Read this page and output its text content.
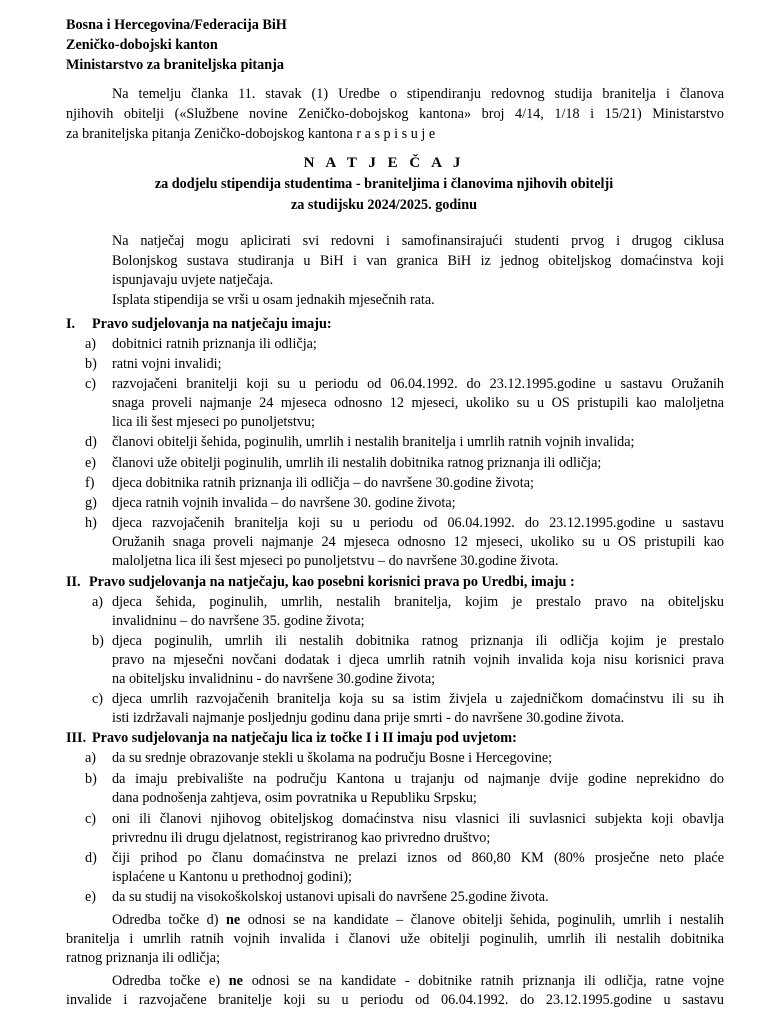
Bosna i Hercegovina/Federacija BiH
Zeničko-dobojski kanton
Ministarstvo za braniteljska pitanja
Na temelju članka 11. stavak (1) Uredbe o stipendiranju redovnog studija branitelja i članova
njihovih obitelji («Službene novine Zeničko-dobojskog kantona» broj 4/14, 1/18 i 15/21) Ministarstvo
za braniteljska pitanja Zeničko-dobojskog kantona r a s p i s u j e
N A T J E Č A J
za dodjelu stipendija studentima - braniteljima i članovima njihovih obitelji
za studijsku 2024/2025. godinu
Na natječaj mogu aplicirati svi redovni i samofinansirajući studenti prvog i drugog ciklusa
Bolonjskog sustava studiranja u BiH i van granica BiH iz jednog obiteljskog domaćinstva koji
ispunjavaju uvjete natječaja.
Isplata stipendija se vrši u osam jednakih mjesečnih rata.
I. Pravo sudjelovanja na natječaju imaju:
a) dobitnici ratnih priznanja ili odličja;
b) ratni vojni invalidi;
c) razvojačeni branitelji koji su u periodu od 06.04.1992. do 23.12.1995.godine u sastavu Oružanih
snaga proveli najmanje 24 mjeseca odnosno 12 mjeseci, ukoliko su u OS pristupili kao maloljetna
lica ili šest mjeseci po punoljetstvu;
d) članovi obitelji šehida, poginulih, umrlih i nestalih branitelja i umrlih ratnih vojnih invalida;
e) članovi uže obitelji poginulih, umrlih ili nestalih dobitnika ratnog priznanja ili odličja;
f) djeca dobitnika ratnih priznanja ili odličja – do navršene 30.godine života;
g) djeca ratnih vojnih invalida – do navršene 30. godine života;
h) djeca razvojačenih branitelja koji su u periodu od 06.04.1992. do 23.12.1995.godine u sastavu
Oružanih snaga proveli najmanje 24 mjeseca odnosno 12 mjeseci, ukoliko su u OS pristupili kao
maloljetna lica ili šest mjeseci po punoljetstvu – do navršene 30.godine života.
II. Pravo sudjelovanja na natječaju, kao posebni korisnici prava po Uredbi, imaju :
a) djeca šehida, poginulih, umrlih, nestalih branitelja, kojim je prestalo pravo na obiteljsku
invalidninu – do navršene 35. godine života;
b) djeca poginulih, umrlih ili nestalih dobitnika ratnog priznanja ili odličja kojim je prestalo
pravo na mjesečni novčani dodatak i djeca umrlih ratnih vojnih invalida koja nisu korisnici prava
na obiteljsku invalidninu - do navršene 30.godine života;
c) djeca umrlih razvojačenih branitelja koja su sa istim živjela u zajedničkom domaćinstvu ili su ih
isti izdržavali najmanje posljednju godinu dana prije smrti - do navršene 30.godine života.
III. Pravo sudjelovanja na natječaju lica iz točke I i II imaju pod uvjetom:
a) da su srednje obrazovanje stekli u školama na području Bosne i Hercegovine;
b) da imaju prebivalište na području Kantona u trajanju od najmanje dvije godine neprekidno do
dana podnošenja zahtjeva, osim povratnika u Republiku Srpsku;
c) oni ili članovi njihovog obiteljskog domaćinstva nisu vlasnici ili suvlasnici subjekta koji obavlja
privrednu ili drugu djelatnost, registriranog kao privredno društvo;
d) čiji prihod po članu domaćinstva ne prelazi iznos od 860,80 KM (80% prosječne neto plaće
isplaćene u Kantonu u prethodnoj godini);
e) da su studij na visokoškolskoj ustanovi upisali do navršene 25.godine života.
Odredba točke d) ne odnosi se na kandidate – članove obitelji šehida, poginulih, umrlih i nestalih
branitelja i umrlih ratnih vojnih invalida i članovi uže obitelji poginulih, umrlih ili nestalih dobitnika
ratnog priznanja ili odličja;
Odredba točke e) ne odnosi se na kandidate - dobitnike ratnih priznanja ili odličja, ratne vojne
invalide i razvojačene branitelje koji su u periodu od 06.04.1992. do 23.12.1995.godine u sastavu
